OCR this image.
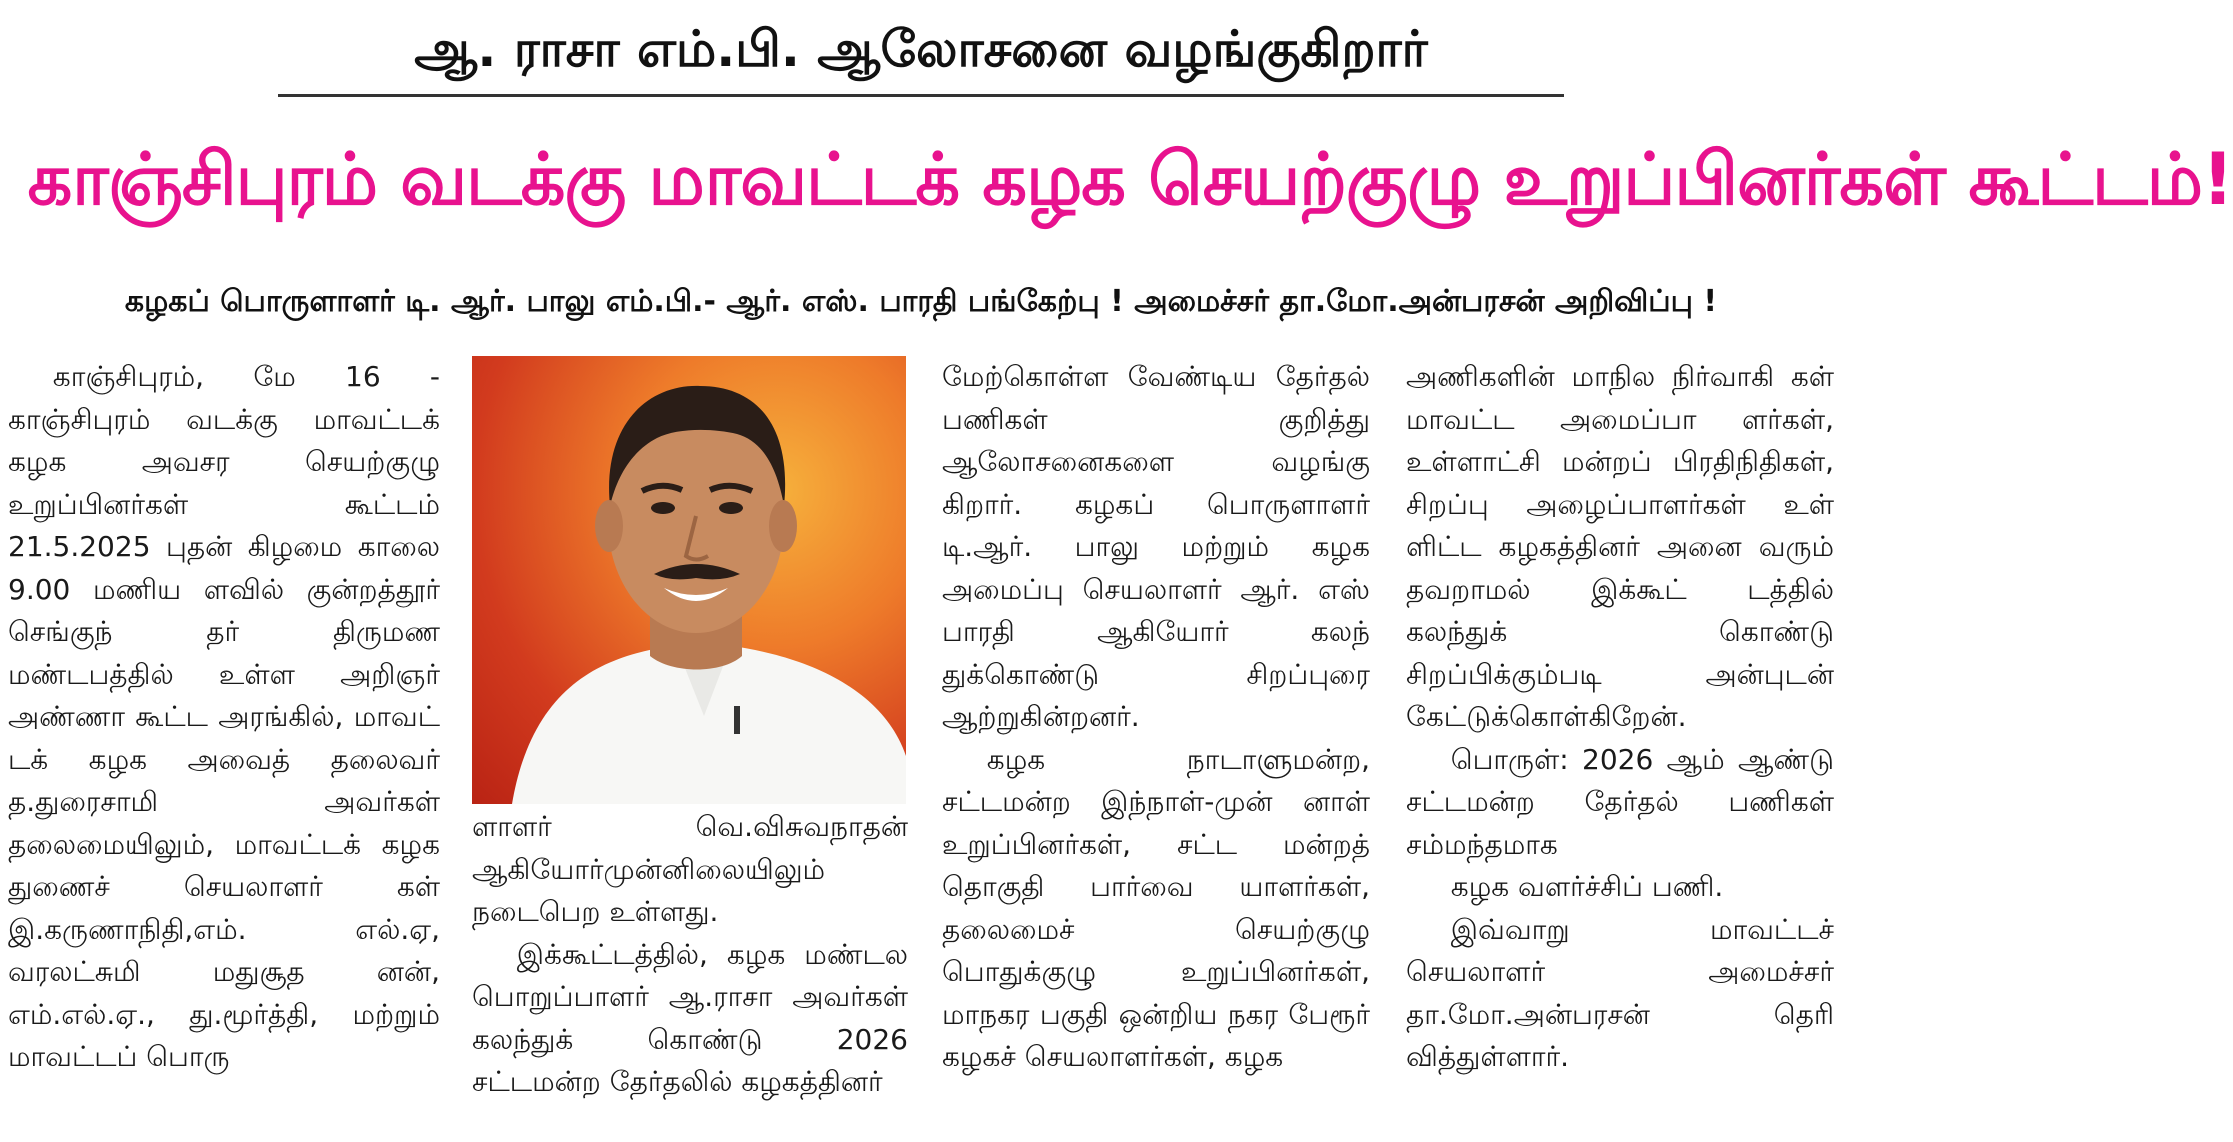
ஆ. ராசா எம்.பி. ஆலோசனை வழங்குகிறார்
காஞ்சிபுரம் வடக்கு மாவட்டக் கழக செயற்குழு உறுப்பினர்கள் கூட்டம்!
கழகப் பொருளாளர் டி. ஆர். பாலு எம்.பி.- ஆர். எஸ். பாரதி பங்கேற்பு ! அமைச்சர் தா.மோ.அன்பரசன் அறிவிப்பு !

காஞ்சிபுரம், மே 16 - காஞ்சிபுரம் வடக்கு மாவட்டக் கழக அவசர செயற்குழு உறுப்பினர்கள் கூட்டம் 21.5.2025 புதன் கிழமை காலை 9.00 மணிய ளவில் குன்றத்தூர் செங்குந் தர் திருமண மண்டபத்தில் உள்ள அறிஞர் அண்ணா கூட்ட அரங்கில், மாவட் டக் கழக அவைத் தலைவர் த.துரைசாமி அவர்கள் தலைமையிலும், மாவட்டக் கழக துணைச் செயலாளர் கள் இ.கருணாநிதி,எம். எல்.ஏ, வரலட்சுமி மதுசூத னன், எம்.எல்.ஏ., து.மூர்த்தி, மற்றும் மாவட்டப் பொரு

ளாளர் வெ.விசுவநாதன் ஆகியோர்முன்னிலையிலும் நடைபெற உள்ளது.

இக்கூட்டத்தில், கழக மண்டல பொறுப்பாளர் ஆ.ராசா அவர்கள் கலந்துக் கொண்டு 2026 சட்டமன்ற தேர்தலில் கழகத்தினர்

மேற்கொள்ள வேண்டிய தேர்தல் பணிகள் குறித்து ஆலோசனைகளை வழங்கு கிறார். கழகப் பொருளாளர் டி.ஆர். பாலு மற்றும் கழக அமைப்பு செயலாளர் ஆர். எஸ் பாரதி ஆகியோர் கலந் துக்கொண்டு சிறப்புரை ஆற்றுகின்றனர்.

கழக நாடாளுமன்ற, சட்டமன்ற இந்நாள்-முன் னாள் உறுப்பினர்கள், சட்ட மன்றத் தொகுதி பார்வை யாளர்கள், தலைமைச் செயற்குழு பொதுக்குழு உறுப்பினர்கள், மாநகர பகுதி ஒன்றிய நகர பேரூர் கழகச் செயலாளர்கள், கழக

அணிகளின் மாநில நிர்வாகி கள் மாவட்ட அமைப்பா ளர்கள், உள்ளாட்சி மன்றப் பிரதிநிதிகள், சிறப்பு அழைப்பாளர்கள் உள் ளிட்ட கழகத்தினர் அனை வரும் தவறாமல் இக்கூட் டத்தில் கலந்துக் கொண்டு சிறப்பிக்கும்படி அன்புடன் கேட்டுக்கொள்கிறேன்.

பொருள்: 2026 ஆம் ஆண்டு சட்டமன்ற தேர்தல் பணிகள் சம்மந்தமாக

கழக வளர்ச்சிப் பணி.

இவ்வாறு மாவட்டச் செயலாளர் அமைச்சர் தா.மோ.அன்பரசன் தெரி வித்துள்ளார்.
